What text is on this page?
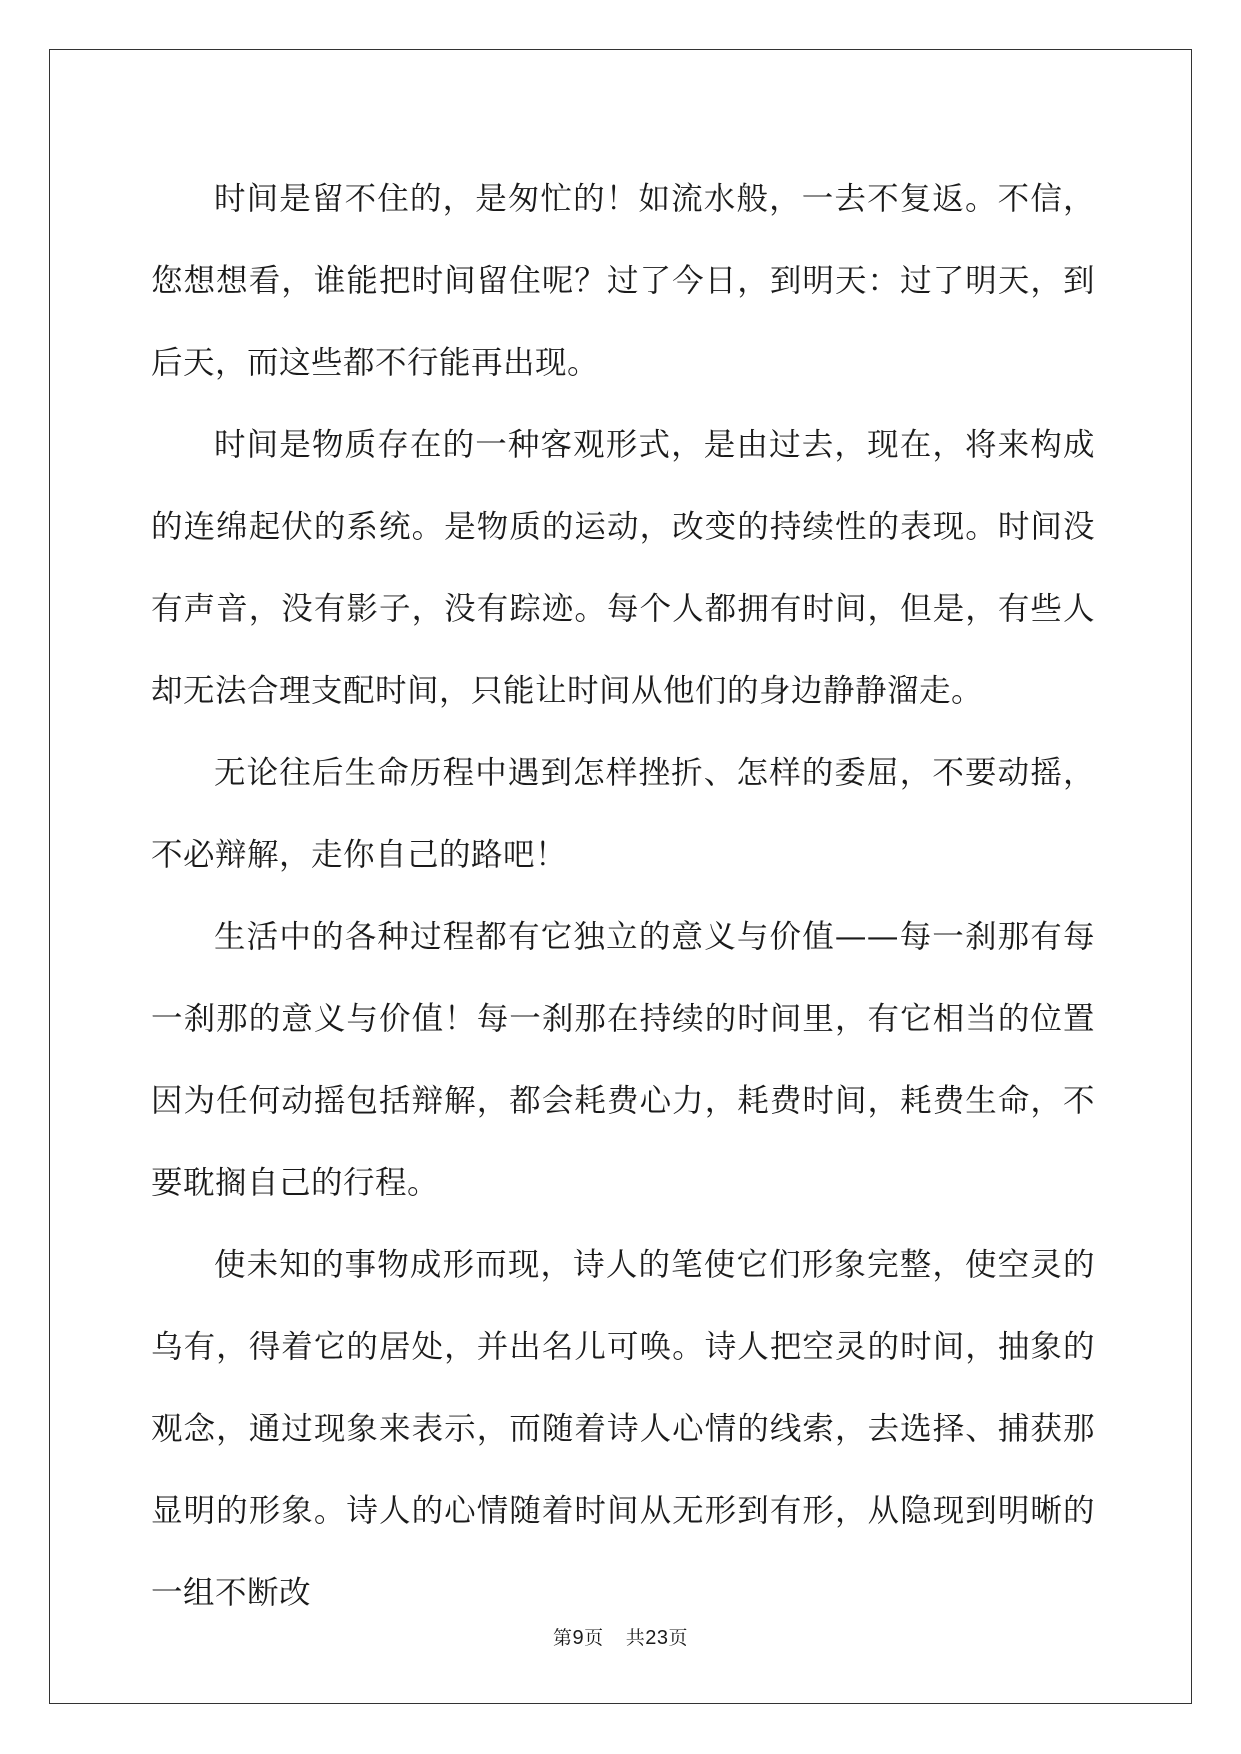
时间是留不住的，是匆忙的！如流水般，一去不复返。不信，您想想看，谁能把时间留住呢？过了今日，到明天：过了明天，到后天，而这些都不行能再出现。

时间是物质存在的一种客观形式，是由过去，现在，将来构成的连绵起伏的系统。是物质的运动，改变的持续性的表现。时间没有声音，没有影子，没有踪迹。每个人都拥有时间，但是，有些人却无法合理支配时间，只能让时间从他们的身边静静溜走。

无论往后生命历程中遇到怎样挫折、怎样的委屈，不要动摇，不必辩解，走你自己的路吧！

生活中的各种过程都有它独立的意义与价值——每一刹那有每一刹那的意义与价值！每一刹那在持续的时间里，有它相当的位置因为任何动摇包括辩解，都会耗费心力，耗费时间，耗费生命，不要耽搁自己的行程。

使未知的事物成形而现，诗人的笔使它们形象完整，使空灵的乌有，得着它的居处，并出名儿可唤。诗人把空灵的时间，抽象的观念，通过现象来表示，而随着诗人心情的线索，去选择、捕获那显明的形象。诗人的心情随着时间从无形到有形，从隐现到明晰的一组不断改

第9页 共23页
